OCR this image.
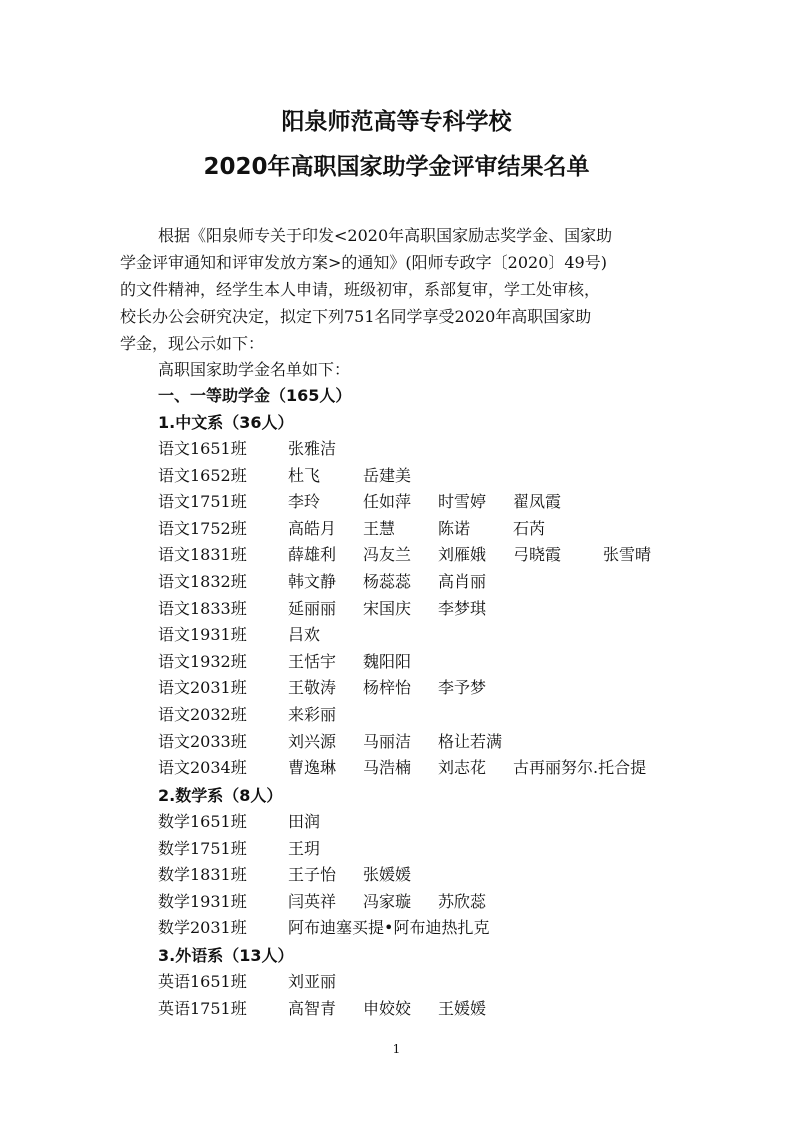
阳泉师范高等专科学校
2020年高职国家助学金评审结果名单
根据《阳泉师专关于印发<2020年高职国家励志奖学金、国家助
学金评审通知和评审发放方案>的通知》(阳师专政字〔2020〕49号)
的文件精神，经学生本人申请，班级初审，系部复审，学工处审核，
校长办公会研究决定，拟定下列751名同学享受2020年高职国家助
学金，现公示如下：
高职国家助学金名单如下：
一、一等助学金（165人）
1.中文系（36人）
语文1651班	张雅洁
语文1652班	杜飞	岳建美
语文1751班	李玲	任如萍 时雪婷 翟凤霞
语文1752班	高皓月 王慧	陈诺	石芮
语文1831班	薛雄利 冯友兰 刘雁娥 弓晓霞	张雪晴
语文1832班	韩文静 杨蕊蕊 高肖丽
语文1833班	延丽丽 宋国庆 李梦琪
语文1931班	吕欢
语文1932班	王恬宇 魏阳阳
语文2031班	王敬涛 杨梓怡 李予梦
语文2032班	来彩丽
语文2033班	刘兴源 马丽洁 格让若满
语文2034班	曹逸琳 马浩楠 刘志花 古再丽努尔.托合提
2.数学系（8人）
数学1651班	田润
数学1751班	王玥
数学1831班	王子怡 张媛媛
数学1931班	闫英祥 冯家璇 苏欣蕊
数学2031班	阿布迪塞买提•阿布迪热扎克
3.外语系（13人）
英语1651班	刘亚丽
英语1751班	高智青 申姣姣 王媛媛
1
